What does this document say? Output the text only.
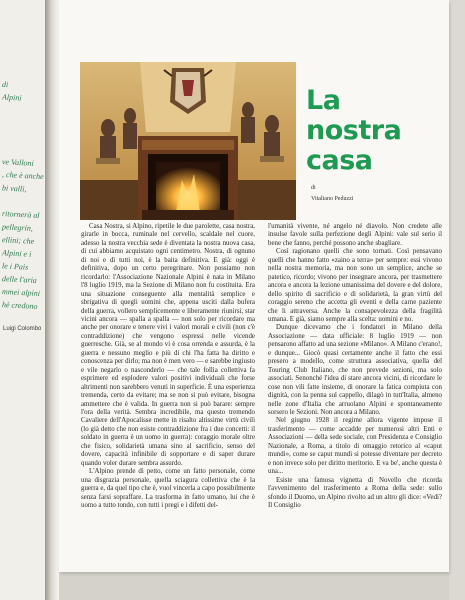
di
Alpini
ve Valloni
, che è anche
bi valli,
ritornerà al
pellegrin,
ellini; che
Alpini e i
le i Pais
delle l'aria
mmei alpini
hè credono
Luigi Colombo
La
nostra
casa
di
Vitaliano Peduzzi

Casa Nostra, si Alpino, ripetile le due parolette, casa nostra, girarle in bocca, ruminale nel cervello, scaldale nel cuore, adesso la nostra vecchia sede è diventata la nostra nuova casa, di cui abbiamo acquistato ogni centimetro. Nostra, di ognuno di noi e di tutti noi, è la baita definitiva. E già: oggi è definitiva, dopo un certo peregrinare. Non possiamo non ricordarlo: l'Associazione Nazionale Alpini è nata in Milano l'8 luglio 1919, ma la Sezione di Milano non fu costituita. Era una situazione conseguente alla mentalità semplice e sbrigativa di quegli uomini che, appena usciti dalla bufera della guerra, vollero semplicemente e liberamente riunirsi, star vicini ancora — spalla a spalla — non solo per ricordare ma anche per onorare e tenere vivi i valori morali e civili (non c'è contraddizione) che vengono espressi nelle vicende guerresche. Già, se al mondo vi è cosa orrenda e assurda, è la guerra e nessuno meglio e più di chi l'ha fatta ha diritto e conoscenza per dirlo; ma non è men vero — e sarebbe ingiusto e vile negarlo o nasconderlo — che tale follia collettiva fa esprimere ed esplodere valori positivi individuali che forse altrimenti non sarebbero venuti in superficie. È una esperienza tremenda, certo da evitare; ma se non si può evitare, bisogna ammettere che è valida. In guerra non si può barare: sempre l'ora della verità. Sembra incredibile, ma questo tremendo Cavaliere dell'Apocalisse mette in risalto altissime virtù civili (lo già detto che non esiste contraddizione fra i due concetti: il soldato in guerra è un uomo in guerra): coraggio morale oltre che fisico, solidarietà umana sino al sacrificio, senso del dovere, capacità infinibile di sopportare e di saper durare quando voler durare sembra assurdo.

L'Alpino prende di petto, come un fatto personale, come una disgrazia personale, quella sciagura collettiva che è la guerra e, da quel tipo che è, vuol vincerla a capo possibilmente senza farsi sopraffare. La trasforma in fatto umano, lui che è uomo a tutto tondo, con tutti i pregi e i difetti del-

l'umanità vivente, né angelo né diavolo. Non credete alle insulse favole sulla perfezione degli Alpini: vale sul serio il bene che fanno, perché possono anche sbagliare.

Così ragionano quelli che sono tornati. Così pensavano quelli che hanno fatto «zaino a terra» per sempre: essi vivono nella nostra memoria, ma non sono un semplice, anche se patetico, ricordo; vivono per insegnare ancora, per trasmettere ancora e ancora la lezione umanissima del dovere e del dolore, dello spirito di sacrificio e di solidarietà, la gran virtù del coraggio sereno che accetta gli eventi e della carne paziente che li attraversa. Anche la consapevolezza della fragilità umana. E già, siamo sempre alla scelta: uomini e no.

Dunque dicevamo che i fondatori in Milano della Associazione — data ufficiale: 8 luglio 1919 — non pensarono affatto ad una sezione «Milano». A Milano c'erano!, e dunque... Giocò quasi certamente anche il fatto che essi presero a modello, come struttura associativa, quella del Touring Club Italiano, che non prevede sezioni, ma solo associati. Senonché l'idea di stare ancora vicini, di ricordare le cose non vili fatte insieme, di onorare la fatica compiuta con dignità, con la penna sul cappello, dilagò in tutt'Italia, almeno nelle zone d'Italia che arruolano Alpini e spontaneamente sorsero le Sezioni. Non ancora a Milano.

Nel giugno 1928 il regime allora vigente impose il trasferimento — come accadde per numerosi altri Enti e Associazioni — della sede sociale, con Presidenza e Consiglio Nazionale, a Roma, a titolo di omaggio retorico al «caput mundi», come se caput mundi si potesse diventare per decreto e non invece solo per diritto meritorio. E va be', anche questa è una...

Esiste una famosa vignetta di Novello che ricorda l'avvenimento del trasferimento a Roma della sede: sullo sfondo il Duomo, un Alpino rivolto ad un altro gli dice: «Vedi? Il Consiglio
